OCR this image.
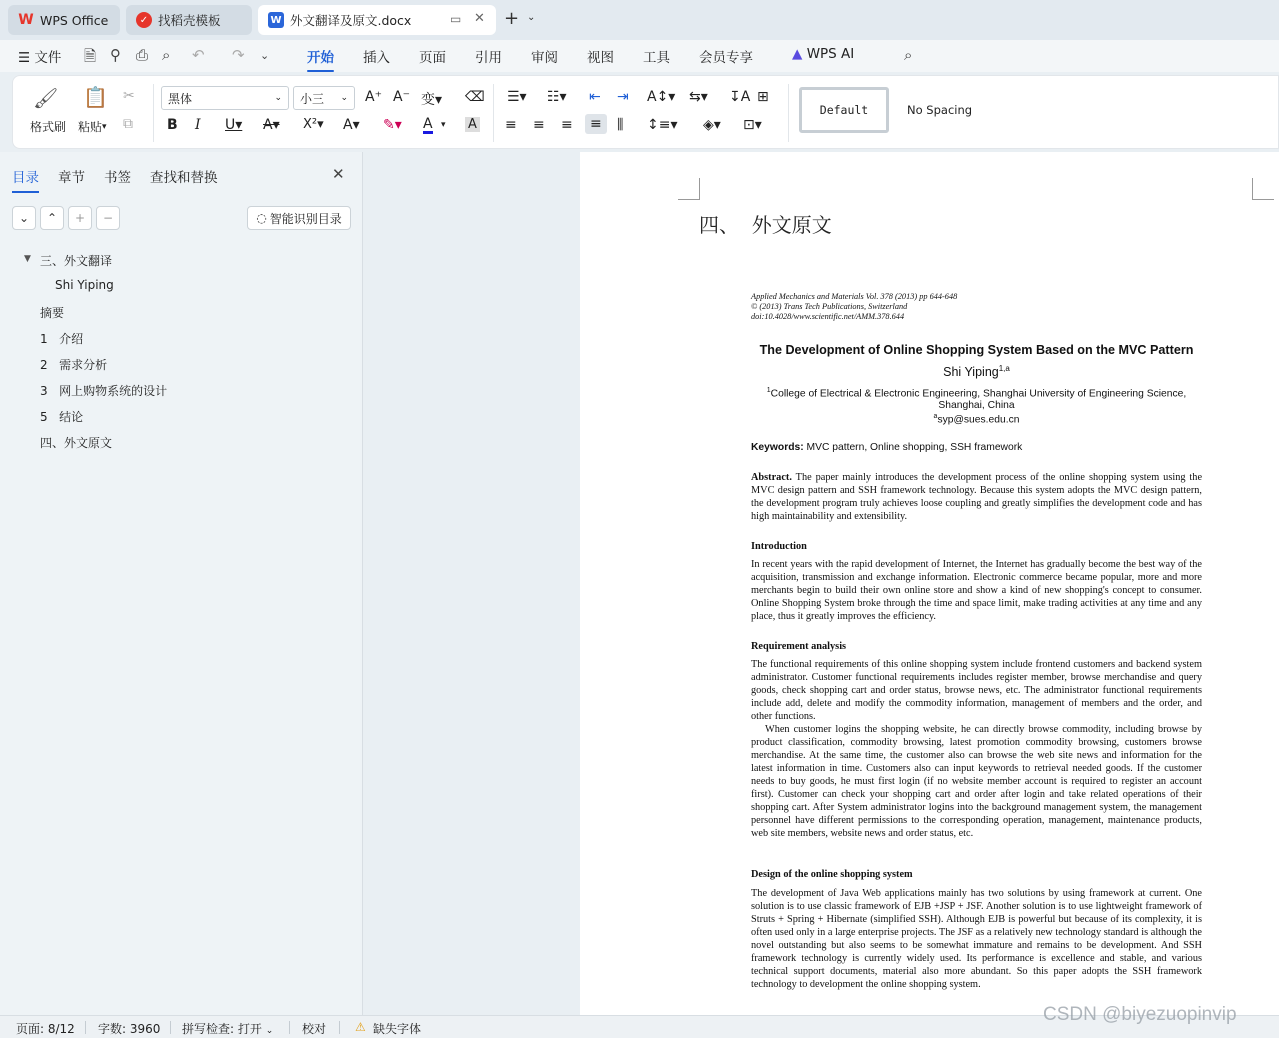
W WPS Office	✓ 找稻壳模板	W 外文翻译及原文.docx	▭ ✕ + ⌄
☰ 文件 🗎 ⚲ ⎙ ⌕ ↶ ↷ ⌄	开始 插入 页面 引用 审阅 视图 工具 会员专享	▲ WPS AI	⌕
🖌
格式刷
📋
粘贴 ▾
✂
⧉
黑体	⌄ 小三 ⌄ A⁺ A⁻ 变▾ ⌫
B I U▾ A▾ X²▾ A▾ ✎▾ A ▾ A
☰▾ ☷▾ ⇤ ⇥ A↕▾ ⇆▾ ↧A ⊞
≡ ≡ ≡	≡	⫼ ↕≡▾ ◈▾ ⊡▾
Default	No Spacing
目录 章节 书签 查找和替换	✕
⌄	⌃	+	−	◌ 智能识别目录
▼ 三、外文翻译
Shi Yiping
摘要
1   介绍
2   需求分析
3   网上购物系统的设计
5   结论
四、外文原文
四、  外文原文
Applied Mechanics and Materials Vol. 378 (2013) pp 644-648
© (2013) Trans Tech Publications, Switzerland
doi:10.4028/www.scientific.net/AMM.378.644
The Development of Online Shopping System Based on the MVC Pattern
Shi Yiping$^{1,a}$
$^1$College of Electrical & Electronic Engineering, Shanghai University of Engineering Science, Shanghai, China
$^a$syp@sues.edu.cn
Keywords: MVC pattern, Online shopping, SSH framework
Abstract. The paper mainly introduces the development process of the online shopping system using the MVC design pattern and SSH framework technology. Because this system adopts the MVC design pattern, the development program truly achieves loose coupling and greatly simplifies the development code and has high maintainability and extensibility.
Introduction
In recent years with the rapid development of Internet, the Internet has gradually become the best way of the acquisition, transmission and exchange information. Electronic commerce became popular, more and more merchants begin to build their own online store and show a kind of new shopping's concept to consumer. Online Shopping System broke through the time and space limit, make trading activities at any time and any place, thus it greatly improves the efficiency.
Requirement analysis
The functional requirements of this online shopping system include frontend customers and backend system administrator. Customer functional requirements includes register member, browse merchandise and query goods, check shopping cart and order status, browse news, etc. The administrator functional requirements include add, delete and modify the commodity information, management of members and the order, and other functions.
When customer logins the shopping website, he can directly browse commodity, including browse by product classification, commodity browsing, latest promotion commodity browsing, customers browse merchandise. At the same time, the customer also can browse the web site news and information for the latest information in time. Customers also can input keywords to retrieval needed goods. If the customer needs to buy goods, he must first login (if no website member account is required to register an account first). Customer can check your shopping cart and order after login and take related operations of their shopping cart. After System administrator logins into the background management system, the management personnel have different permissions to the corresponding operation, management, maintenance products, web site members, website news and order status, etc.
Design of the online shopping system
The development of Java Web applications mainly has two solutions by using framework at current. One solution is to use classic framework of EJB +JSP + JSF. Another solution is to use lightweight framework of Struts + Spring + Hibernate (simplified SSH). Although EJB is powerful but because of its complexity, it is often used only in a large enterprise projects. The JSF as a relatively new technology standard is although the novel outstanding but also seems to be somewhat immature and remains to be development. And SSH framework technology is currently widely used. Its performance is excellence and stable, and various technical support documents, material also more abundant. So this paper adopts the SSH framework technology to development the online shopping system.
页面: 8/12 字数: 3960 拼写检查: 打开 ⌄ 校对 ⚠ 缺失字体
CSDN @biyezuopinvip
